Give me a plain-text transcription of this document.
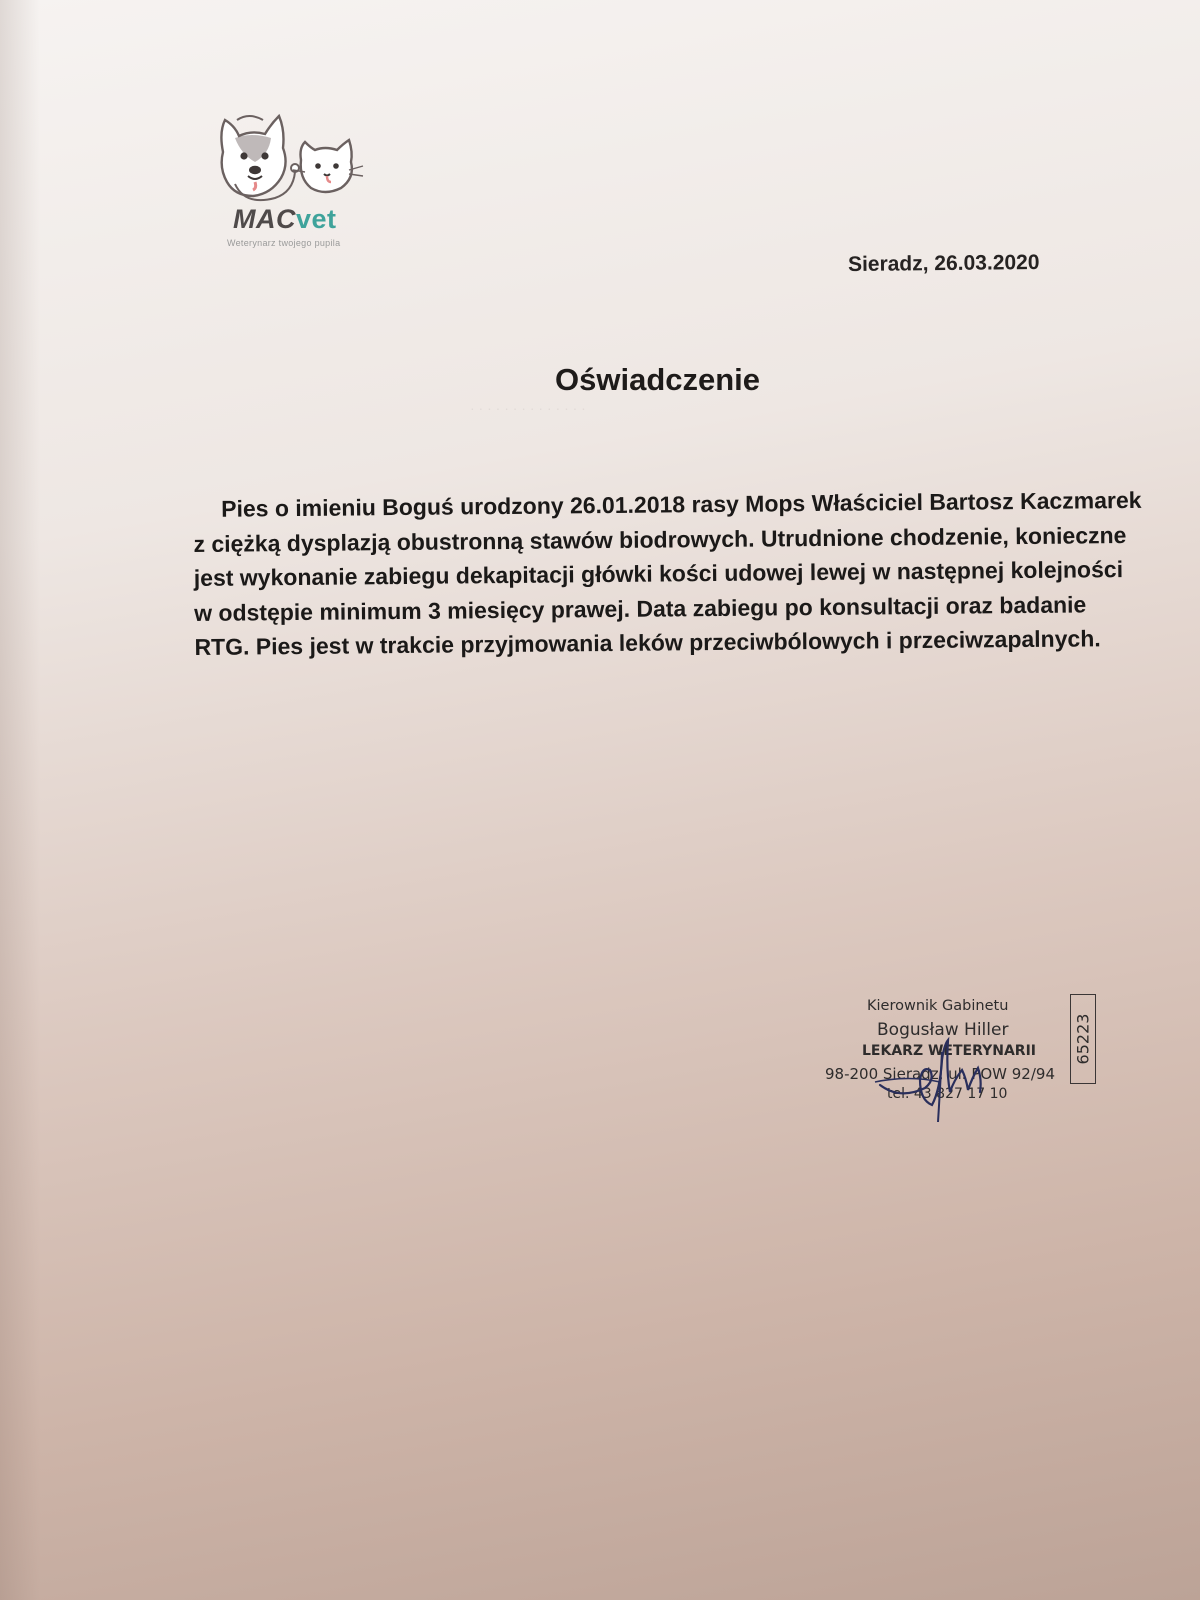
· · · · · · · · · · · · · ·
MACvet
Weterynarz twojego pupila
Sieradz, 26.03.2020
Oświadczenie

Pies o imieniu Boguś urodzony 26.01.2018 rasy Mops Właściciel Bartosz Kaczmarek z ciężką dysplazją obustronną stawów biodrowych. Utrudnione chodzenie, konieczne jest wykonanie zabiegu dekapitacji główki kości udowej lewej w następnej kolejności w odstępie minimum 3 miesięcy prawej. Data zabiegu po konsultacji oraz badanie RTG. Pies jest w trakcie przyjmowania leków przeciwbólowych i przeciwzapalnych.

Kierownik Gabinetu
Bogusław Hiller
LEKARZ WETERYNARII
98-200 Sieradz, ul. POW 92/94
tel. 43 827 17 10
65223
